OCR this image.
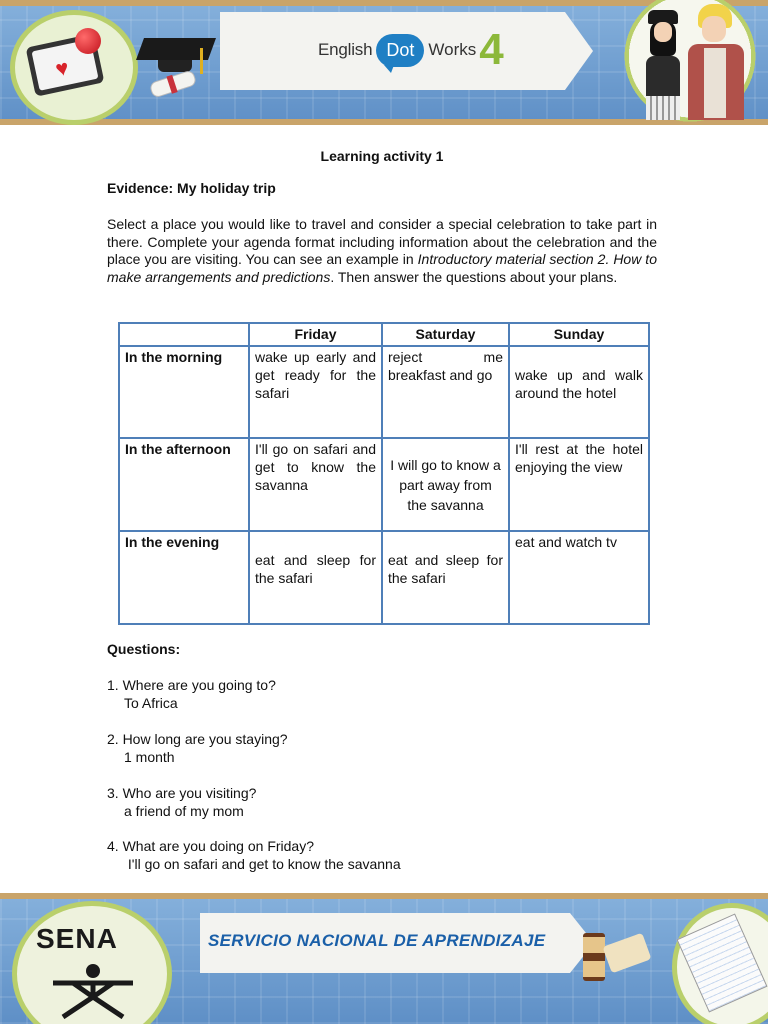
♥
English Dot Works 4
Learning activity 1
Evidence: My holiday trip
Select a place you would like to travel and consider a special celebration to take part in there. Complete your agenda format including information about the celebration and the place you are visiting. You can see an example in Introductory material section 2. How to make arrangements and predictions. Then answer the questions about your plans.
	Friday	Saturday	Sunday
In the morning	wake up early and get ready for the safari	reject me breakfast and go	wake up and walk around the hotel
In the afternoon	I'll go on safari and get to know the savanna	I will go to know a part away from the savanna	I'll rest at the hotel enjoying the view
In the evening	eat and sleep for the safari	eat and sleep for the safari	eat and watch tv
Questions:
1. Where are you going to?
To Africa
2. How long are you staying?
1 month
3. Who are you visiting?
a friend of my mom
4. What are you doing on Friday?
I'll go on safari and get to know the savanna
SENA	SERVICIO NACIONAL DE APRENDIZAJE
